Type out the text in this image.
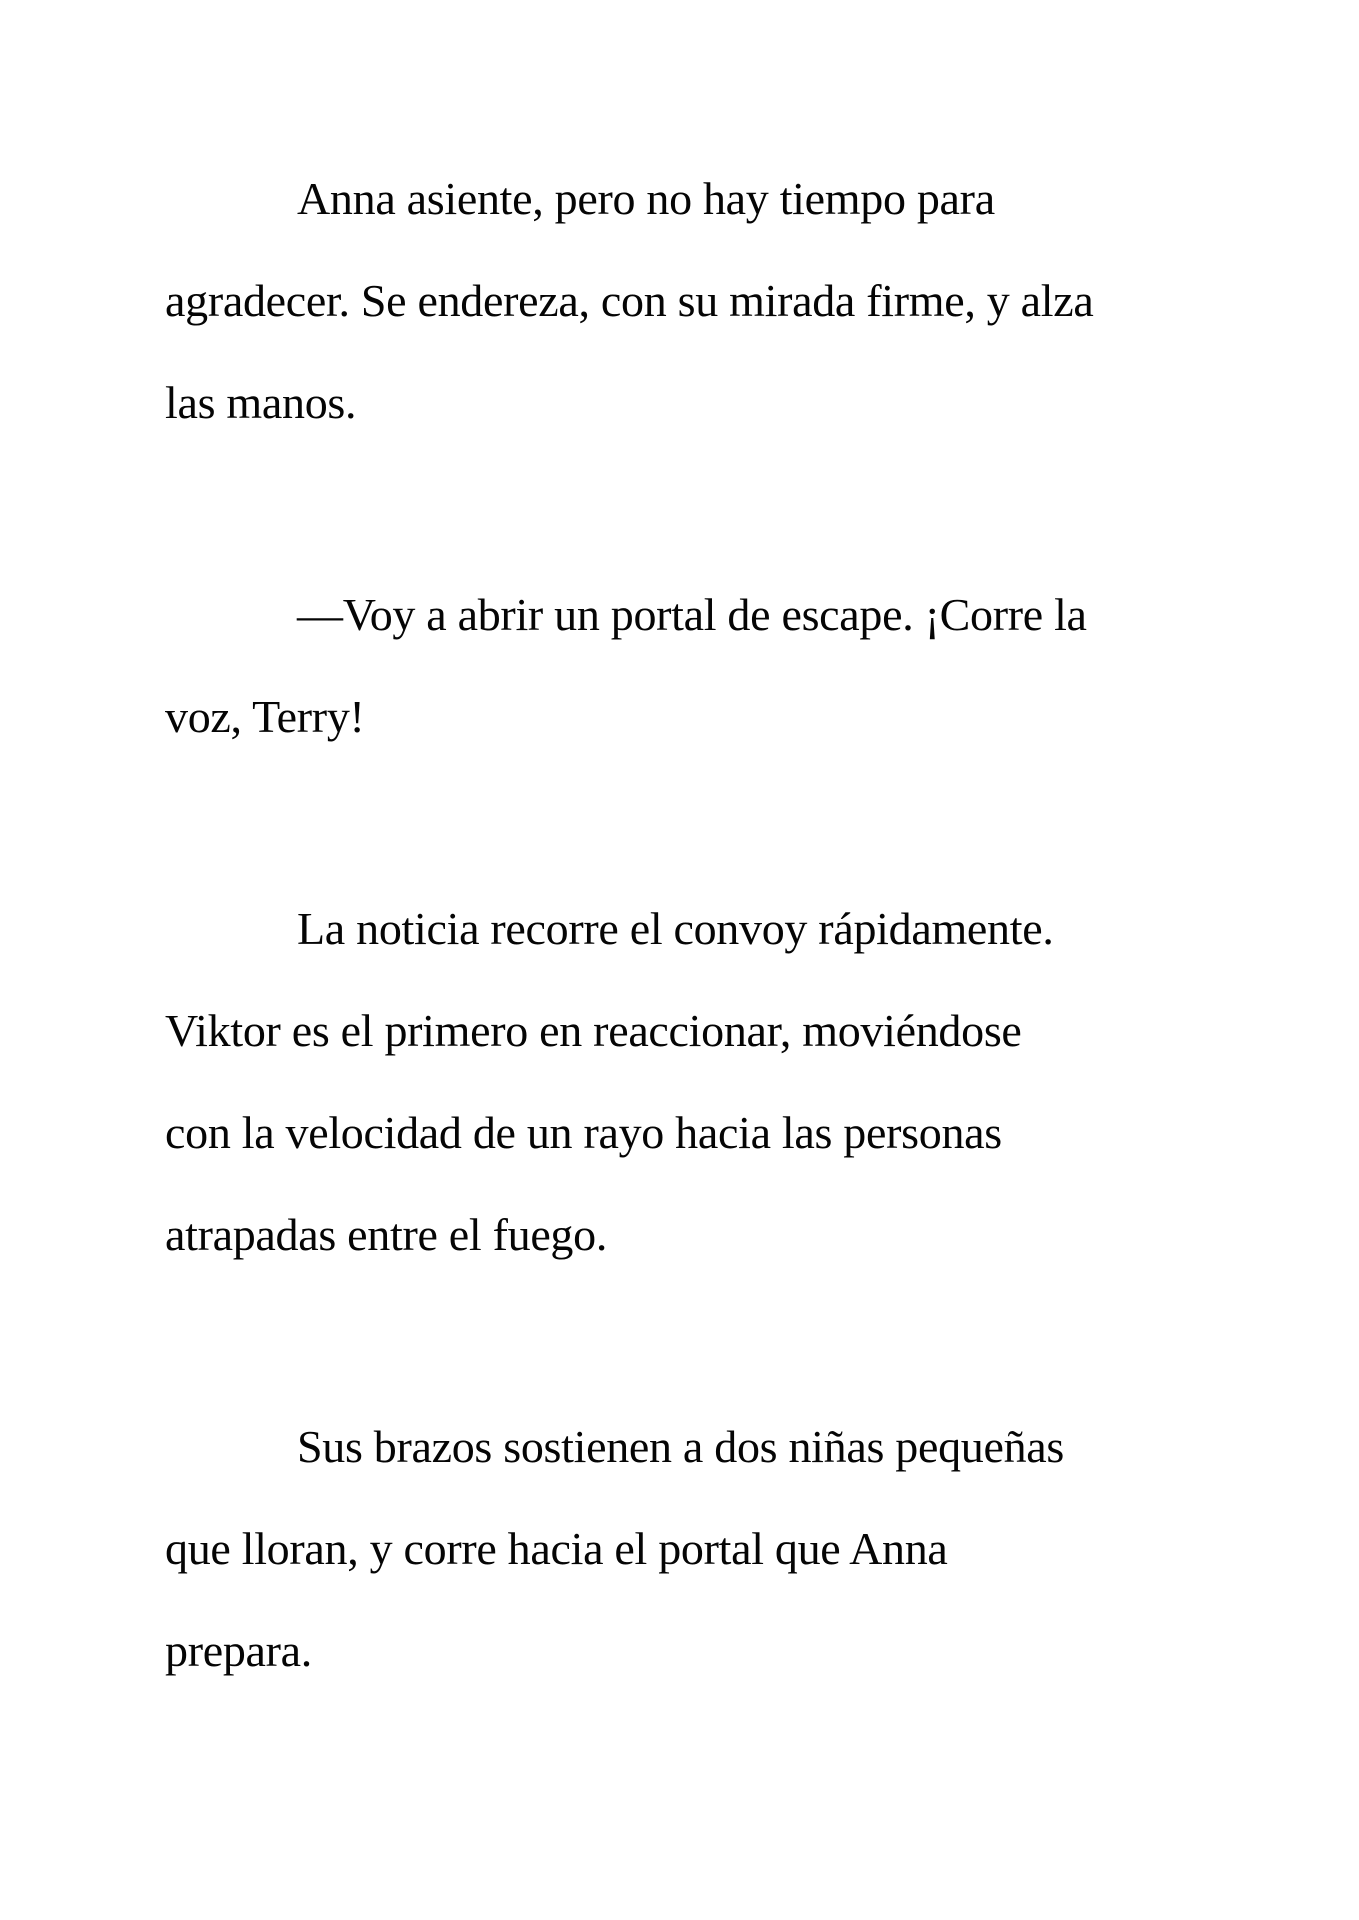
Anna asiente, pero no hay tiempo para
agradecer. Se endereza, con su mirada firme, y alza
las manos.
—Voy a abrir un portal de escape. ¡Corre la
voz, Terry!
La noticia recorre el convoy rápidamente.
Viktor es el primero en reaccionar, moviéndose
con la velocidad de un rayo hacia las personas
atrapadas entre el fuego.
Sus brazos sostienen a dos niñas pequeñas
que lloran, y corre hacia el portal que Anna
prepara.
